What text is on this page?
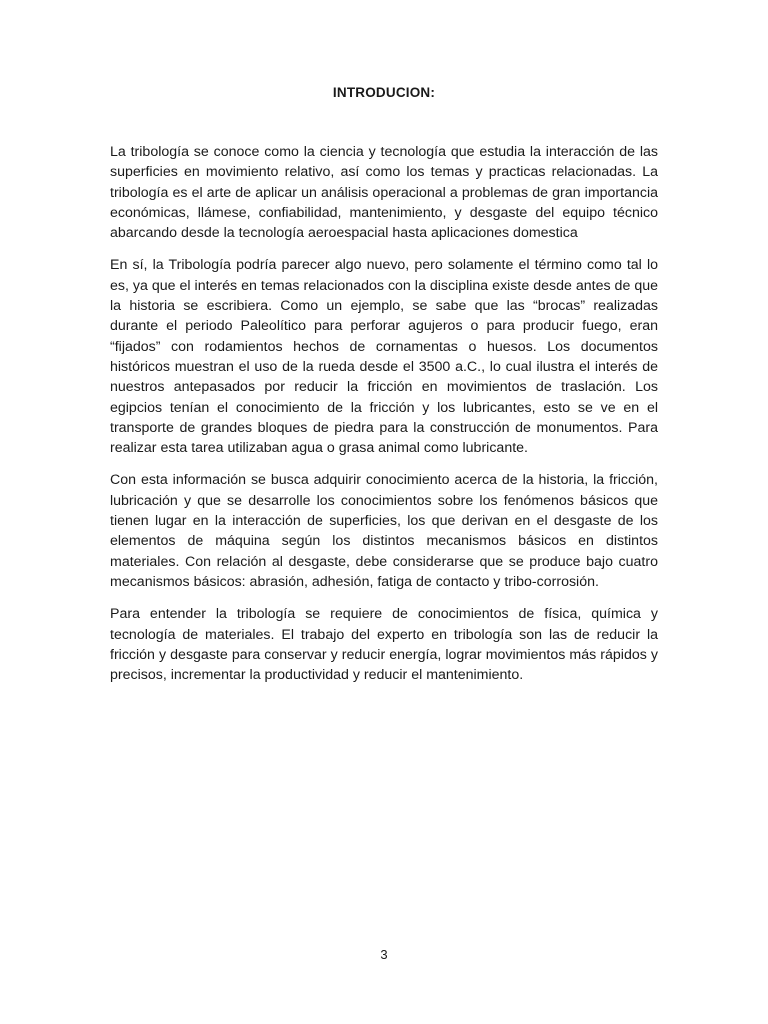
INTRODUCION:

La tribología se conoce como la ciencia y tecnología que estudia la interacción de las superficies en movimiento relativo, así como los temas y practicas relacionadas. La tribología es el arte de aplicar un análisis operacional a problemas de gran importancia económicas, llámese, confiabilidad, mantenimiento, y desgaste del equipo técnico abarcando desde la tecnología aeroespacial hasta aplicaciones domestica

En sí, la Tribología podría parecer algo nuevo, pero solamente el término como tal lo es, ya que el interés en temas relacionados con la disciplina existe desde antes de que la historia se escribiera. Como un ejemplo, se sabe que las “brocas” realizadas durante el periodo Paleolítico para perforar agujeros o para producir fuego, eran “fijados” con rodamientos hechos de cornamentas o huesos. Los documentos históricos muestran el uso de la rueda desde el 3500 a.C., lo cual ilustra el interés de nuestros antepasados por reducir la fricción en movimientos de traslación. Los egipcios tenían el conocimiento de la fricción y los lubricantes, esto se ve en el transporte de grandes bloques de piedra para la construcción de monumentos. Para realizar esta tarea utilizaban agua o grasa animal como lubricante.

Con esta información se busca adquirir conocimiento acerca de la historia, la fricción, lubricación y que se desarrolle los conocimientos sobre los fenómenos básicos que tienen lugar en la interacción de superficies, los que derivan en el desgaste de los elementos de máquina según los distintos mecanismos básicos en distintos materiales. Con relación al desgaste, debe considerarse que se produce bajo cuatro mecanismos básicos: abrasión, adhesión, fatiga de contacto y tribo-corrosión.

Para entender la tribología se requiere de conocimientos de física, química y tecnología de materiales. El trabajo del experto en tribología son las de reducir la fricción y desgaste para conservar y reducir energía, lograr movimientos más rápidos y precisos, incrementar la productividad y reducir el mantenimiento.

3
